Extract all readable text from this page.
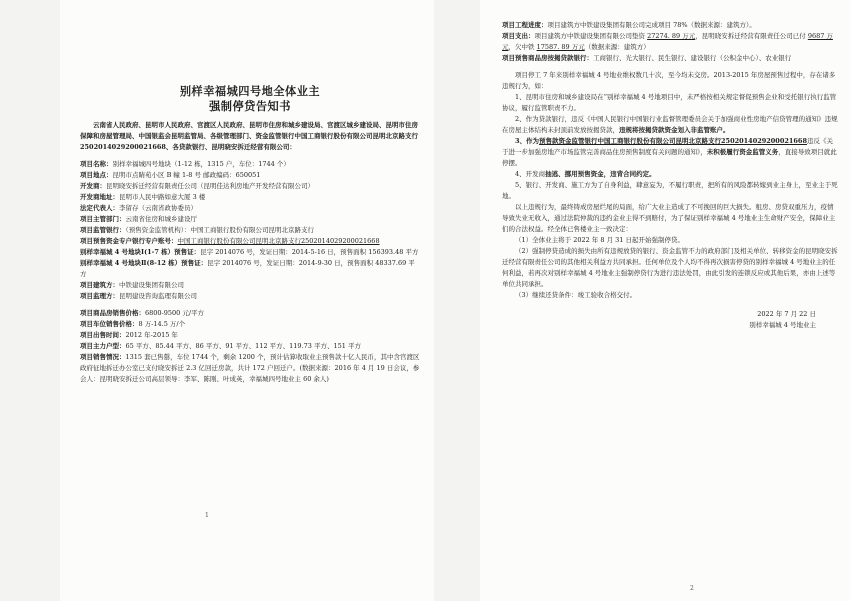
别样幸福城四号地全体业主
强制停贷告知书

云南省人民政府、昆明市人民政府、官渡区人民政府、昆明市住房和城乡建设局、官渡区城乡建设局、昆明市住房保障和房屋管理局、中国银监会昆明监管局、各级管理部门、资金监管银行中国工商银行股份有限公司昆明北京路支行2502014029200021668、各贷款银行、昆明晓安拆迁经营有限公司：

项目名称：别样幸福城四号地块（1-12 栋，1315 户，车位：1744 个）

项目地点：昆明市点睛苑小区 B 幢 1-8 号 邮政编码：650051

开发商：昆明晓安拆迁经营有限责任公司（昆明佳达利房地产开发经营有限公司）

开发商地址：昆明市人民中路如意大厦 3 楼

法定代表人：李留存（云南省政协委员）

项目主管部门：云南省住房和城乡建设厅

项目监管银行：（预售资金监管机构）：中国工商银行股份有限公司昆明北京路支行

项目预售资金专户银行专户账号：中国工商银行股份有限公司昆明北京路支行2502014029200021668

别样幸福城 4 号地块Ⅰ(1-7 栋）预售证：昆字 2014076 号，发证日期：2014-5-16 日，预售面积 156393.48 平方

别样幸福城 4 号地块Ⅱ(8-12 栋）预售证：昆字 2014076 号，发证日期：2014-9-30 日，预售面积 48337.69 平方

项目建筑方：中铁建设集团有限公司

项目监理方：昆明建设咨询监理有限公司

项目商品房销售价格：6800-9500 元/平方

项目车位销售价格：8 万-14.5 万/个

项目出售时间：2012 年-2015 年

项目主力户型：65 平方、85.44 平方、86 平方、91 平方、112 平方、119.73 平方、151 平方

项目销售情况：1315 套已售罄，车位 1744 个，剩余 1200 个，预计估算收取业主预售款十亿人民币，其中含官渡区政府征地拆迁办公室已支付晓安拆迁 2.3 亿回迁房款，共计 172 户回迁户。(数据来源：2016 年 4 月 19 日会议，参会人：昆明晓安拆迁公司高层领导：李军、陈刚、叶成英，幸福城四号地业主 60 余人)

1

项目工程进度：项目建筑方中铁建设集团有限公司完成项目 78%（数据来源：建筑方）。

项目支出：项目建筑方中铁建设集团有限公司垫资 27274. 89 万元，昆明晓安拆迁经营有限责任公司已付 9687 万元，欠中铁 17587. 89 万元（数据来源：建筑方）

项目预售商品房按揭贷款银行：工商银行、光大银行、民生银行、建设银行（公积金中心）、农业银行

项目停工 7 年来别样幸福城 4 号地业维权数几十次，至今均未交房。2013-2015 年房屋预售过程中，存在诸多违规行为，如：

1、昆明市住房和城乡建设局在“别样幸福城 4 号地项目中，未严格按相关规定督促预售企业和受托银行执行监管协议，履行监管职责不力。

2、作为贷款银行，违反《中国人民银行中国银行业监督管理委员会关于加强商业性房地产信贷管理的通知》违规在房屋主体结构未封顶前发放按揭贷款，违规将按揭贷款资金划入非监管账户。

3、作为预售款资金监管银行中国工商银行股份有限公司昆明北京路支行2502014029200021668违反《关于进一步加强房地产市场监管完善商品住房预售制度有关问题的通知》，未积极履行资金监管义务，直接导致项目就此停摆。

4、开发商抽逃、挪用预售资金，违背合同约定。

5、银行、开发商、施工方为了自身利益，肆意妄为，不履行职责，把所有的风险都转嫁到业主身上，至业主于死地。

以上违规行为，最终铸成房屋烂尾的局面，给广大业主造成了不可挽回的巨大损失。租房、房贷双重压力，疫情导致失业无收入，通过法院仲裁的违约金业主得不到赔付，为了保证别样幸福城 4 号地业主生命财产安全，保障业主们的合法权益。经全体已售楼业主一致决定：

（1）全体业主将于 2022 年 8 月 31 日起开始强制停贷。

（2）强制停贷造成的损失由所有违规放贷的银行、资金监管不力的政府部门及相关单位、转移资金的昆明晓安拆迁经营有限责任公司的其他相关利益方共同承担。任何单位及个人均不得再次损害停贷的别样幸福城 4 号地业主的任何利益，若再次对别样幸福城 4 号地业主强制停贷行为进行违法处罚，由此引发的连锁反应或其他后果，亦由上述等单位共同承担。

（3）继续还贷条件：竣工验收合格交付。

2022 年 7 月 22 日

别样幸福城 4 号地业主

2
